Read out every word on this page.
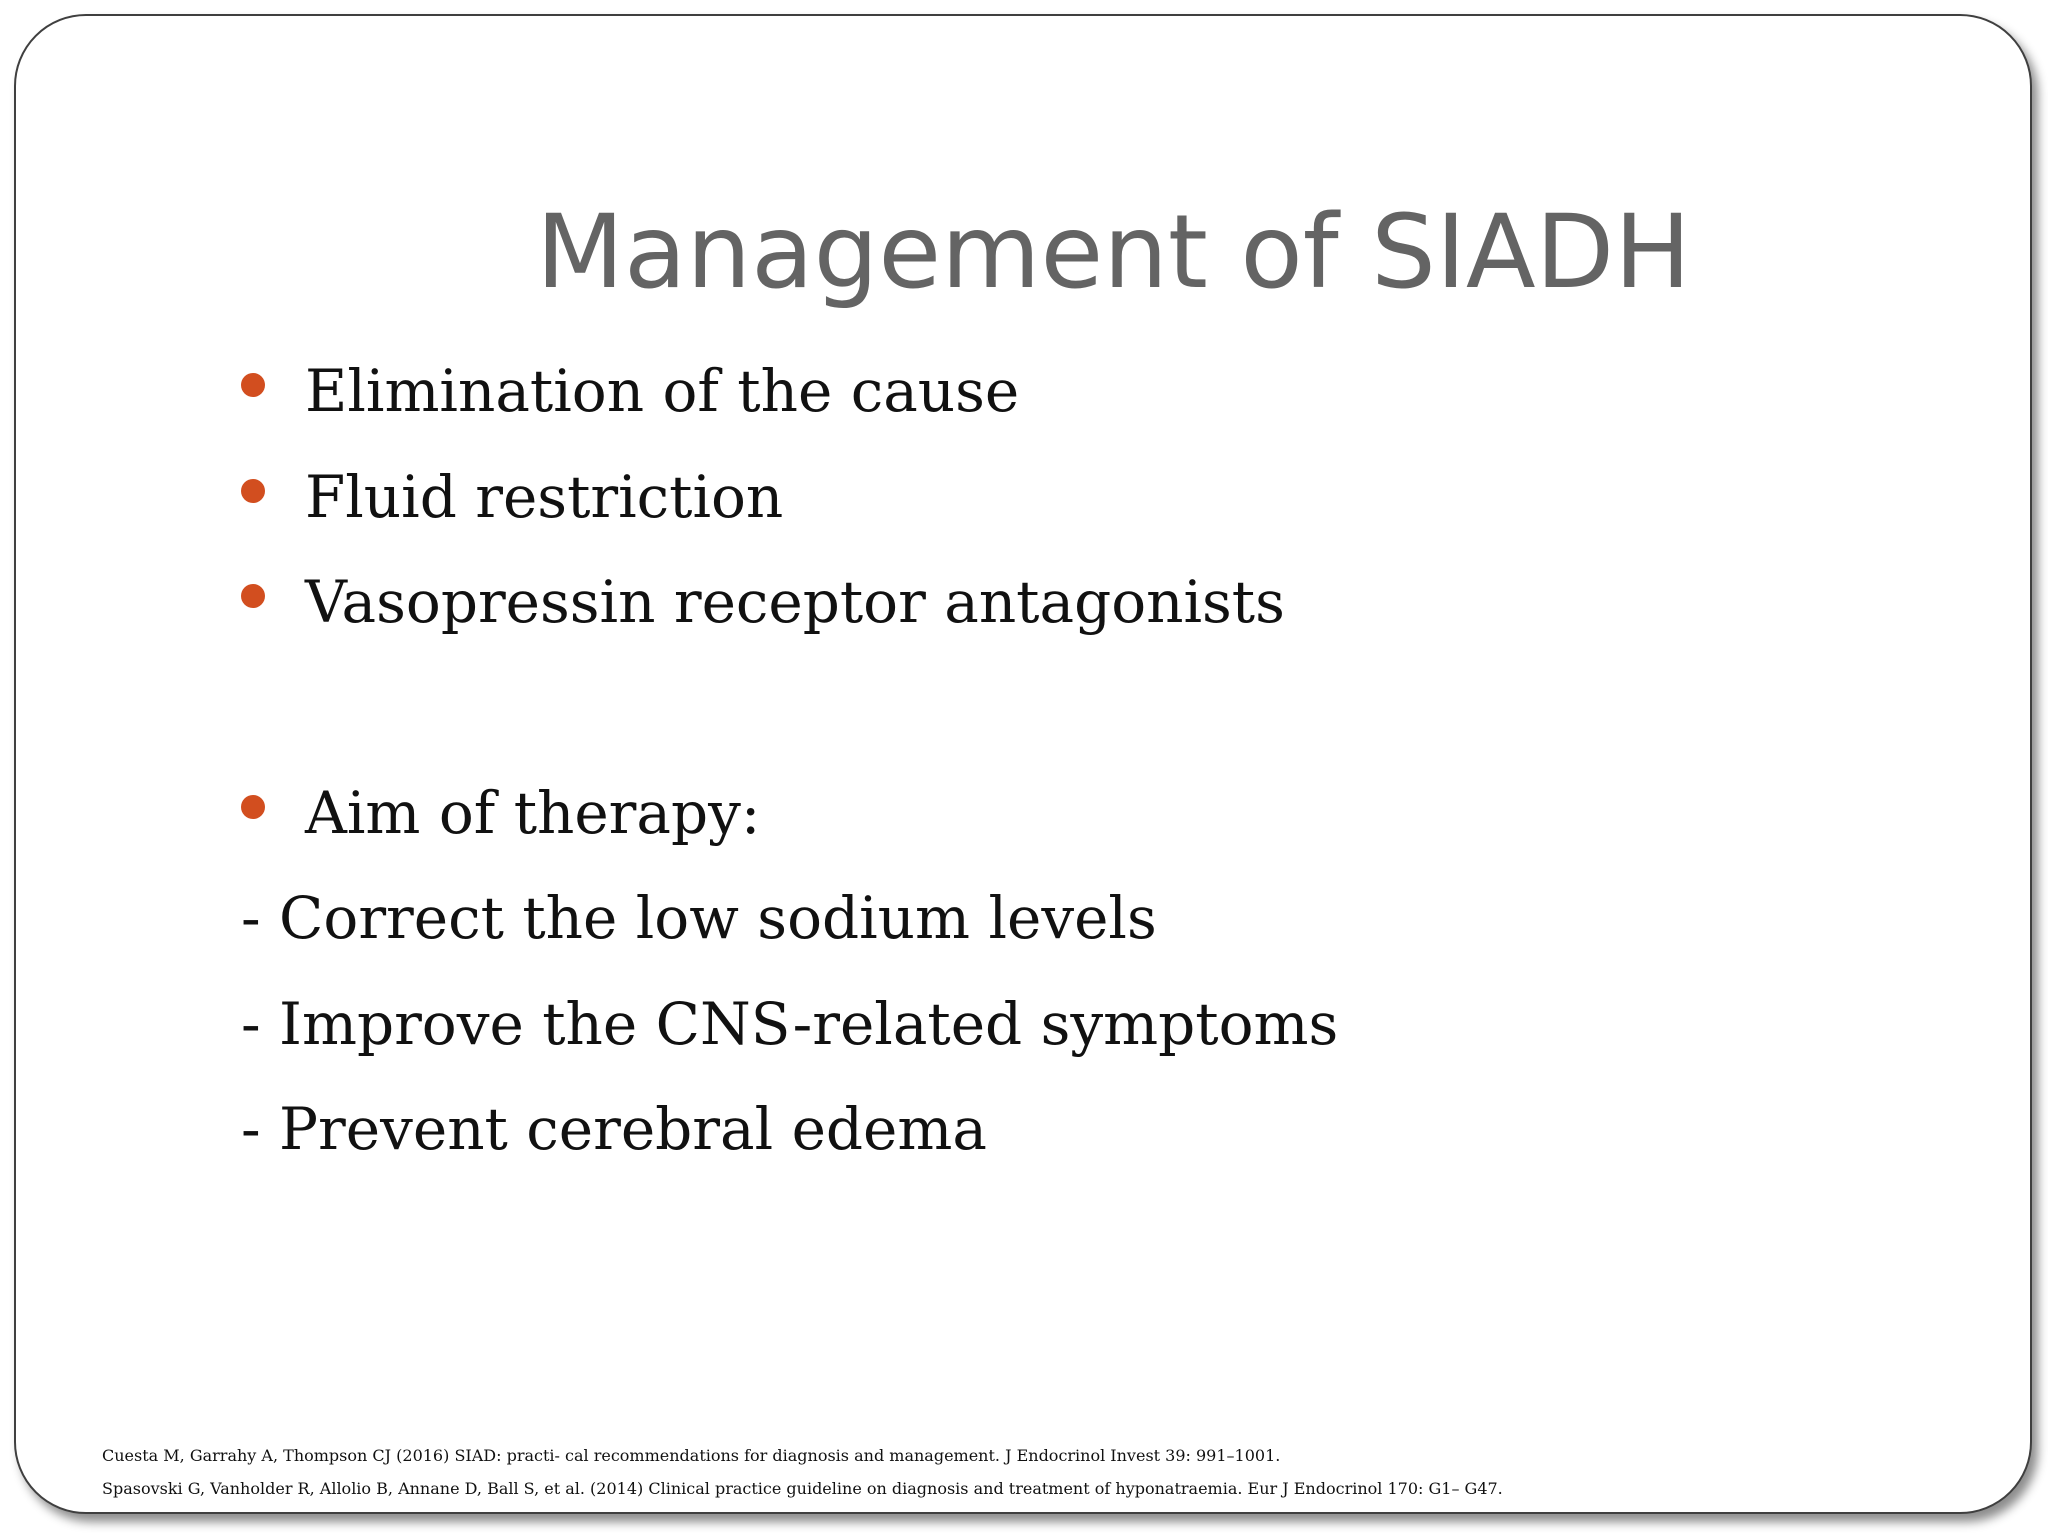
Management of SIADH
Elimination of the cause
Fluid restriction
Vasopressin receptor antagonists
Aim of therapy:
- Correct the low sodium levels
- Improve the CNS-related symptoms
- Prevent cerebral edema
Cuesta M, Garrahy A, Thompson CJ (2016) SIAD: practi- cal recommendations for diagnosis and management. J Endocrinol Invest 39: 991–1001.
Spasovski G, Vanholder R, Allolio B, Annane D, Ball S, et al. (2014) Clinical practice guideline on diagnosis and treatment of hyponatraemia. Eur J Endocrinol 170: G1– G47.
